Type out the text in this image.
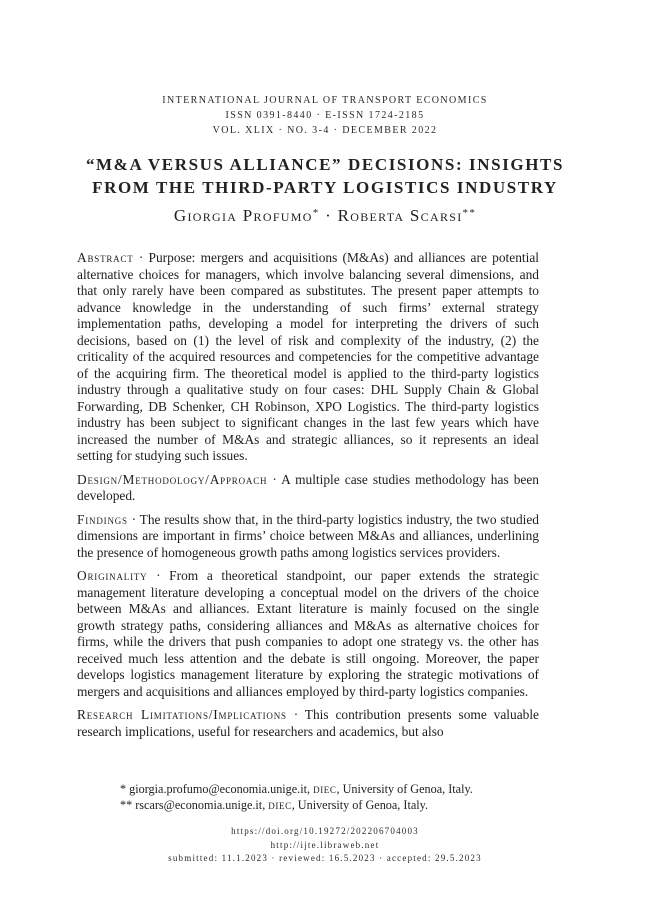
INTERNATIONAL JOURNAL OF TRANSPORT ECONOMICS
ISSN 0391-8440 · E-ISSN 1724-2185
VOL. XLIX · NO. 3-4 · DECEMBER 2022
“M&A VERSUS ALLIANCE” DECISIONS: INSIGHTS
FROM THE THIRD-PARTY LOGISTICS INDUSTRY
Giorgia Profumo* · Roberta Scarsi**

Abstract · Purpose: mergers and acquisitions (M&As) and alliances are potential alternative choices for managers, which involve balancing several dimensions, and that only rarely have been compared as substitutes. The present paper attempts to advance knowledge in the understanding of such firms’ external strategy implementation paths, developing a model for interpreting the drivers of such decisions, based on (1) the level of risk and complexity of the industry, (2) the criticality of the acquired resources and competencies for the competitive advantage of the acquiring firm. The theoretical model is applied to the third-party logistics industry through a qualitative study on four cases: DHL Supply Chain & Global Forwarding, DB Schenker, CH Robinson, XPO Logistics. The third-party logistics industry has been subject to significant changes in the last few years which have increased the number of M&As and strategic alliances, so it represents an ideal setting for studying such issues.

Design/Methodology/Approach · A multiple case studies methodology has been developed.

Findings · The results show that, in the third-party logistics industry, the two studied dimensions are important in firms’ choice between M&As and alliances, underlining the presence of homogeneous growth paths among logistics services providers.

Originality · From a theoretical standpoint, our paper extends the strategic management literature developing a conceptual model on the drivers of the choice between M&As and alliances. Extant literature is mainly focused on the single growth strategy paths, considering alliances and M&As as alternative choices for firms, while the drivers that push companies to adopt one strategy vs. the other has received much less attention and the debate is still ongoing. Moreover, the paper develops logistics management literature by exploring the strategic motivations of mergers and acquisitions and alliances employed by third-party logistics companies.

Research Limitations/Implications · This contribution presents some valuable research implications, useful for researchers and academics, but also

* giorgia.profumo@economia.unige.it, diec, University of Genoa, Italy.
** rscars@economia.unige.it, diec, University of Genoa, Italy.
https://doi.org/10.19272/202206704003
http://ijte.libraweb.net
submitted: 11.1.2023 · reviewed: 16.5.2023 · accepted: 29.5.2023
